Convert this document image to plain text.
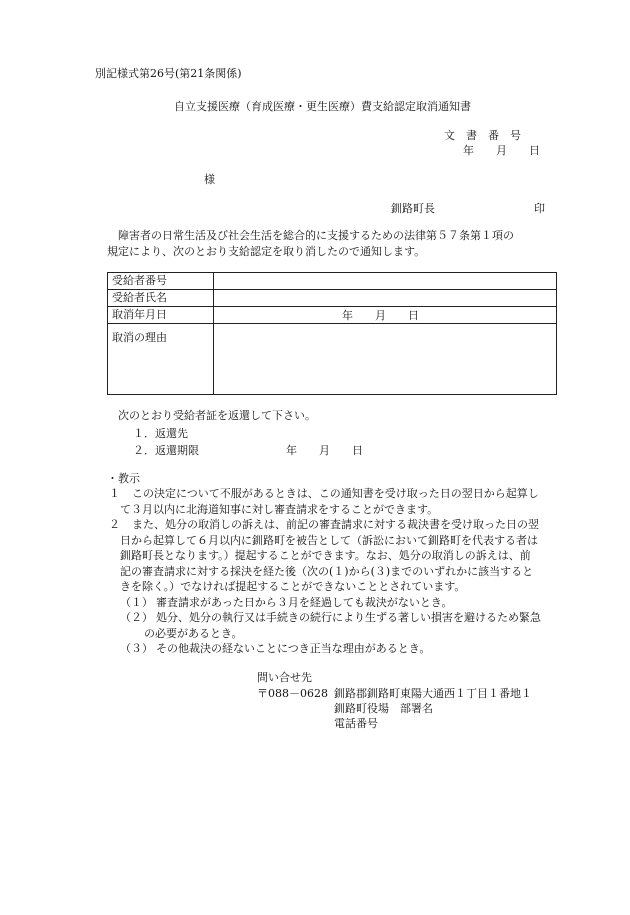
別記様式第26号(第21条関係)
自立支援医療（育成医療・更生医療）費支給認定取消通知書
文　書　番　号
年　　月　　日
様
釧路町長	印
障害者の日常生活及び社会生活を総合的に支援するための法律第５７条第１項の
規定により、次のとおり支給認定を取り消したので通知します。
受給者番号	
受給者氏名	
取消年月日	年　　月　　日

取消の理由	
次のとおり受給者証を返還して下さい。
１．返還先
２．返還期限	年　　月　　日
・教示
１ この決定について不服があるときは、この通知書を受け取った日の翌日から起算し
て３月以内に北海道知事に対し審査請求をすることができます。
２ また、処分の取消しの訴えは、前記の審査請求に対する裁決書を受け取った日の翌
日から起算して６月以内に釧路町を被告として（訴訟において釧路町を代表する者は
釧路町長となります。）提起することができます。なお、処分の取消しの訴えは、前
記の審査請求に対する採決を経た後（次の(１)から(３)までのいずれかに該当すると
きを除く。）でなければ提起することができないこととされています。
（１） 審査請求があった日から３月を経過しても裁決がないとき。
（２） 処分、処分の執行又は手続きの続行により生ずる著しい損害を避けるため緊急
の必要があるとき。
（３） その他裁決の経ないことにつき正当な理由があるとき。
問い合せ先
〒088－0628 釧路郡釧路町東陽大通西１丁目１番地１
釧路町役場　部署名
電話番号
